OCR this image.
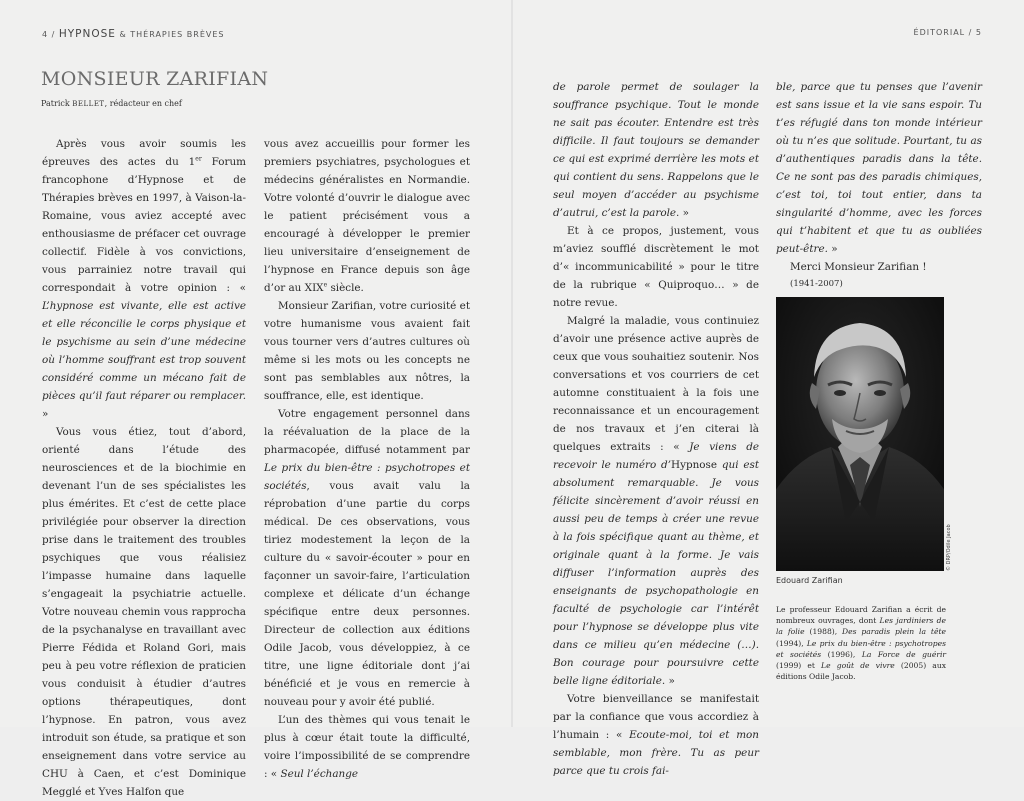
4 / HYPNOSE & THÉRAPIES BRÈVES	ÉDITORIAL / 5
MONSIEUR ZARIFIAN

Patrick BELLET, rédacteur en chef

Après vous avoir soumis les épreuves des actes du 1er Forum francophone d’Hypnose et de Thérapies brèves en 1997, à Vaison-la-Romaine, vous aviez accepté avec enthousiasme de préfacer cet ouvrage collectif. Fidèle à vos convictions, vous parrainiez notre travail qui correspondait à votre opinion : « L’hypnose est vivante, elle est active et elle réconcilie le corps physique et le psychisme au sein d’une médecine où l’homme souffrant est trop souvent considéré comme un mécano fait de pièces qu’il faut réparer ou remplacer. »

Vous vous étiez, tout d’abord, orienté dans l’étude des neurosciences et de la biochimie en devenant l’un de ses spécialistes les plus émérites. Et c’est de cette place privilégiée pour observer la direction prise dans le traitement des troubles psychiques que vous réalisiez l’impasse humaine dans laquelle s’engageait la psychiatrie actuelle. Votre nouveau chemin vous rapprocha de la psychanalyse en travaillant avec Pierre Fédida et Roland Gori, mais peu à peu votre réflexion de praticien vous conduisit à étudier d’autres options thérapeutiques, dont l’hypnose. En patron, vous avez introduit son étude, sa pratique et son enseignement dans votre service au CHU à Caen, et c’est Dominique Megglé et Yves Halfon que

vous avez accueillis pour former les premiers psychiatres, psychologues et médecins généralistes en Normandie. Votre volonté d’ouvrir le dialogue avec le patient précisément vous a encouragé à développer le premier lieu universitaire d’enseignement de l’hypnose en France depuis son âge d’or au XIXe siècle.

Monsieur Zarifian, votre curiosité et votre humanisme vous avaient fait vous tourner vers d’autres cultures où même si les mots ou les concepts ne sont pas semblables aux nôtres, la souffrance, elle, est identique.

Votre engagement personnel dans la réévaluation de la place de la pharmacopée, diffusé notamment par Le prix du bien-être : psychotropes et sociétés, vous avait valu la réprobation d’une partie du corps médical. De ces observations, vous tiriez modestement la leçon de la culture du « savoir-écouter » pour en façonner un savoir-faire, l’articulation complexe et délicate d’un échange spécifique entre deux personnes. Directeur de collection aux éditions Odile Jacob, vous développiez, à ce titre, une ligne éditoriale dont j’ai bénéficié et je vous en remercie à nouveau pour y avoir été publié.

L’un des thèmes qui vous tenait le plus à cœur était toute la difficulté, voire l’impossibilité de se comprendre : « Seul l’échange

de parole permet de soulager la souffrance psychique. Tout le monde ne sait pas écouter. Entendre est très difficile. Il faut toujours se demander ce qui est exprimé derrière les mots et qui contient du sens. Rappelons que le seul moyen d’accéder au psychisme d’autrui, c’est la parole. »

Et à ce propos, justement, vous m’aviez soufflé discrètement le mot d’« incommunicabilité » pour le titre de la rubrique « Quiproquo… » de notre revue.

Malgré la maladie, vous continuiez d’avoir une présence active auprès de ceux que vous souhaitiez soutenir. Nos conversations et vos courriers de cet automne constituaient à la fois une reconnaissance et un encouragement de nos travaux et j’en citerai là quelques extraits : « Je viens de recevoir le numéro d’Hypnose qui est absolument remarquable. Je vous félicite sincèrement d’avoir réussi en aussi peu de temps à créer une revue à la fois spécifique quant au thème, et originale quant à la forme. Je vais diffuser l’information auprès des enseignants de psychopathologie en faculté de psychologie car l’intérêt pour l’hypnose se développe plus vite dans ce milieu qu’en médecine (…). Bon courage pour poursuivre cette belle ligne éditoriale. »

Votre bienveillance se manifestait par la confiance que vous accordiez à l’humain : « Ecoute-moi, toi et mon semblable, mon frère. Tu as peur parce que tu crois fai-

ble, parce que tu penses que l’avenir est sans issue et la vie sans espoir. Tu t’es réfugié dans ton monde intérieur où tu n’es que solitude. Pourtant, tu as d’authentiques paradis dans la tête. Ce ne sont pas des paradis chimiques, c’est toi, toi tout entier, dans ta singularité d’homme, avec les forces qui t’habitent et que tu as oubliées peut-être. »

Merci Monsieur Zarifian !

(1941-2007)

© DRP/Odile Jacob
Edouard Zarifian
Le professeur Edouard Zarifian a écrit de nombreux ouvrages, dont Les jardiniers de la folie (1988), Des paradis plein la tête (1994), Le prix du bien-être : psychotropes et sociétés (1996), La Force de guérir (1999) et Le goût de vivre (2005) aux éditions Odile Jacob.
